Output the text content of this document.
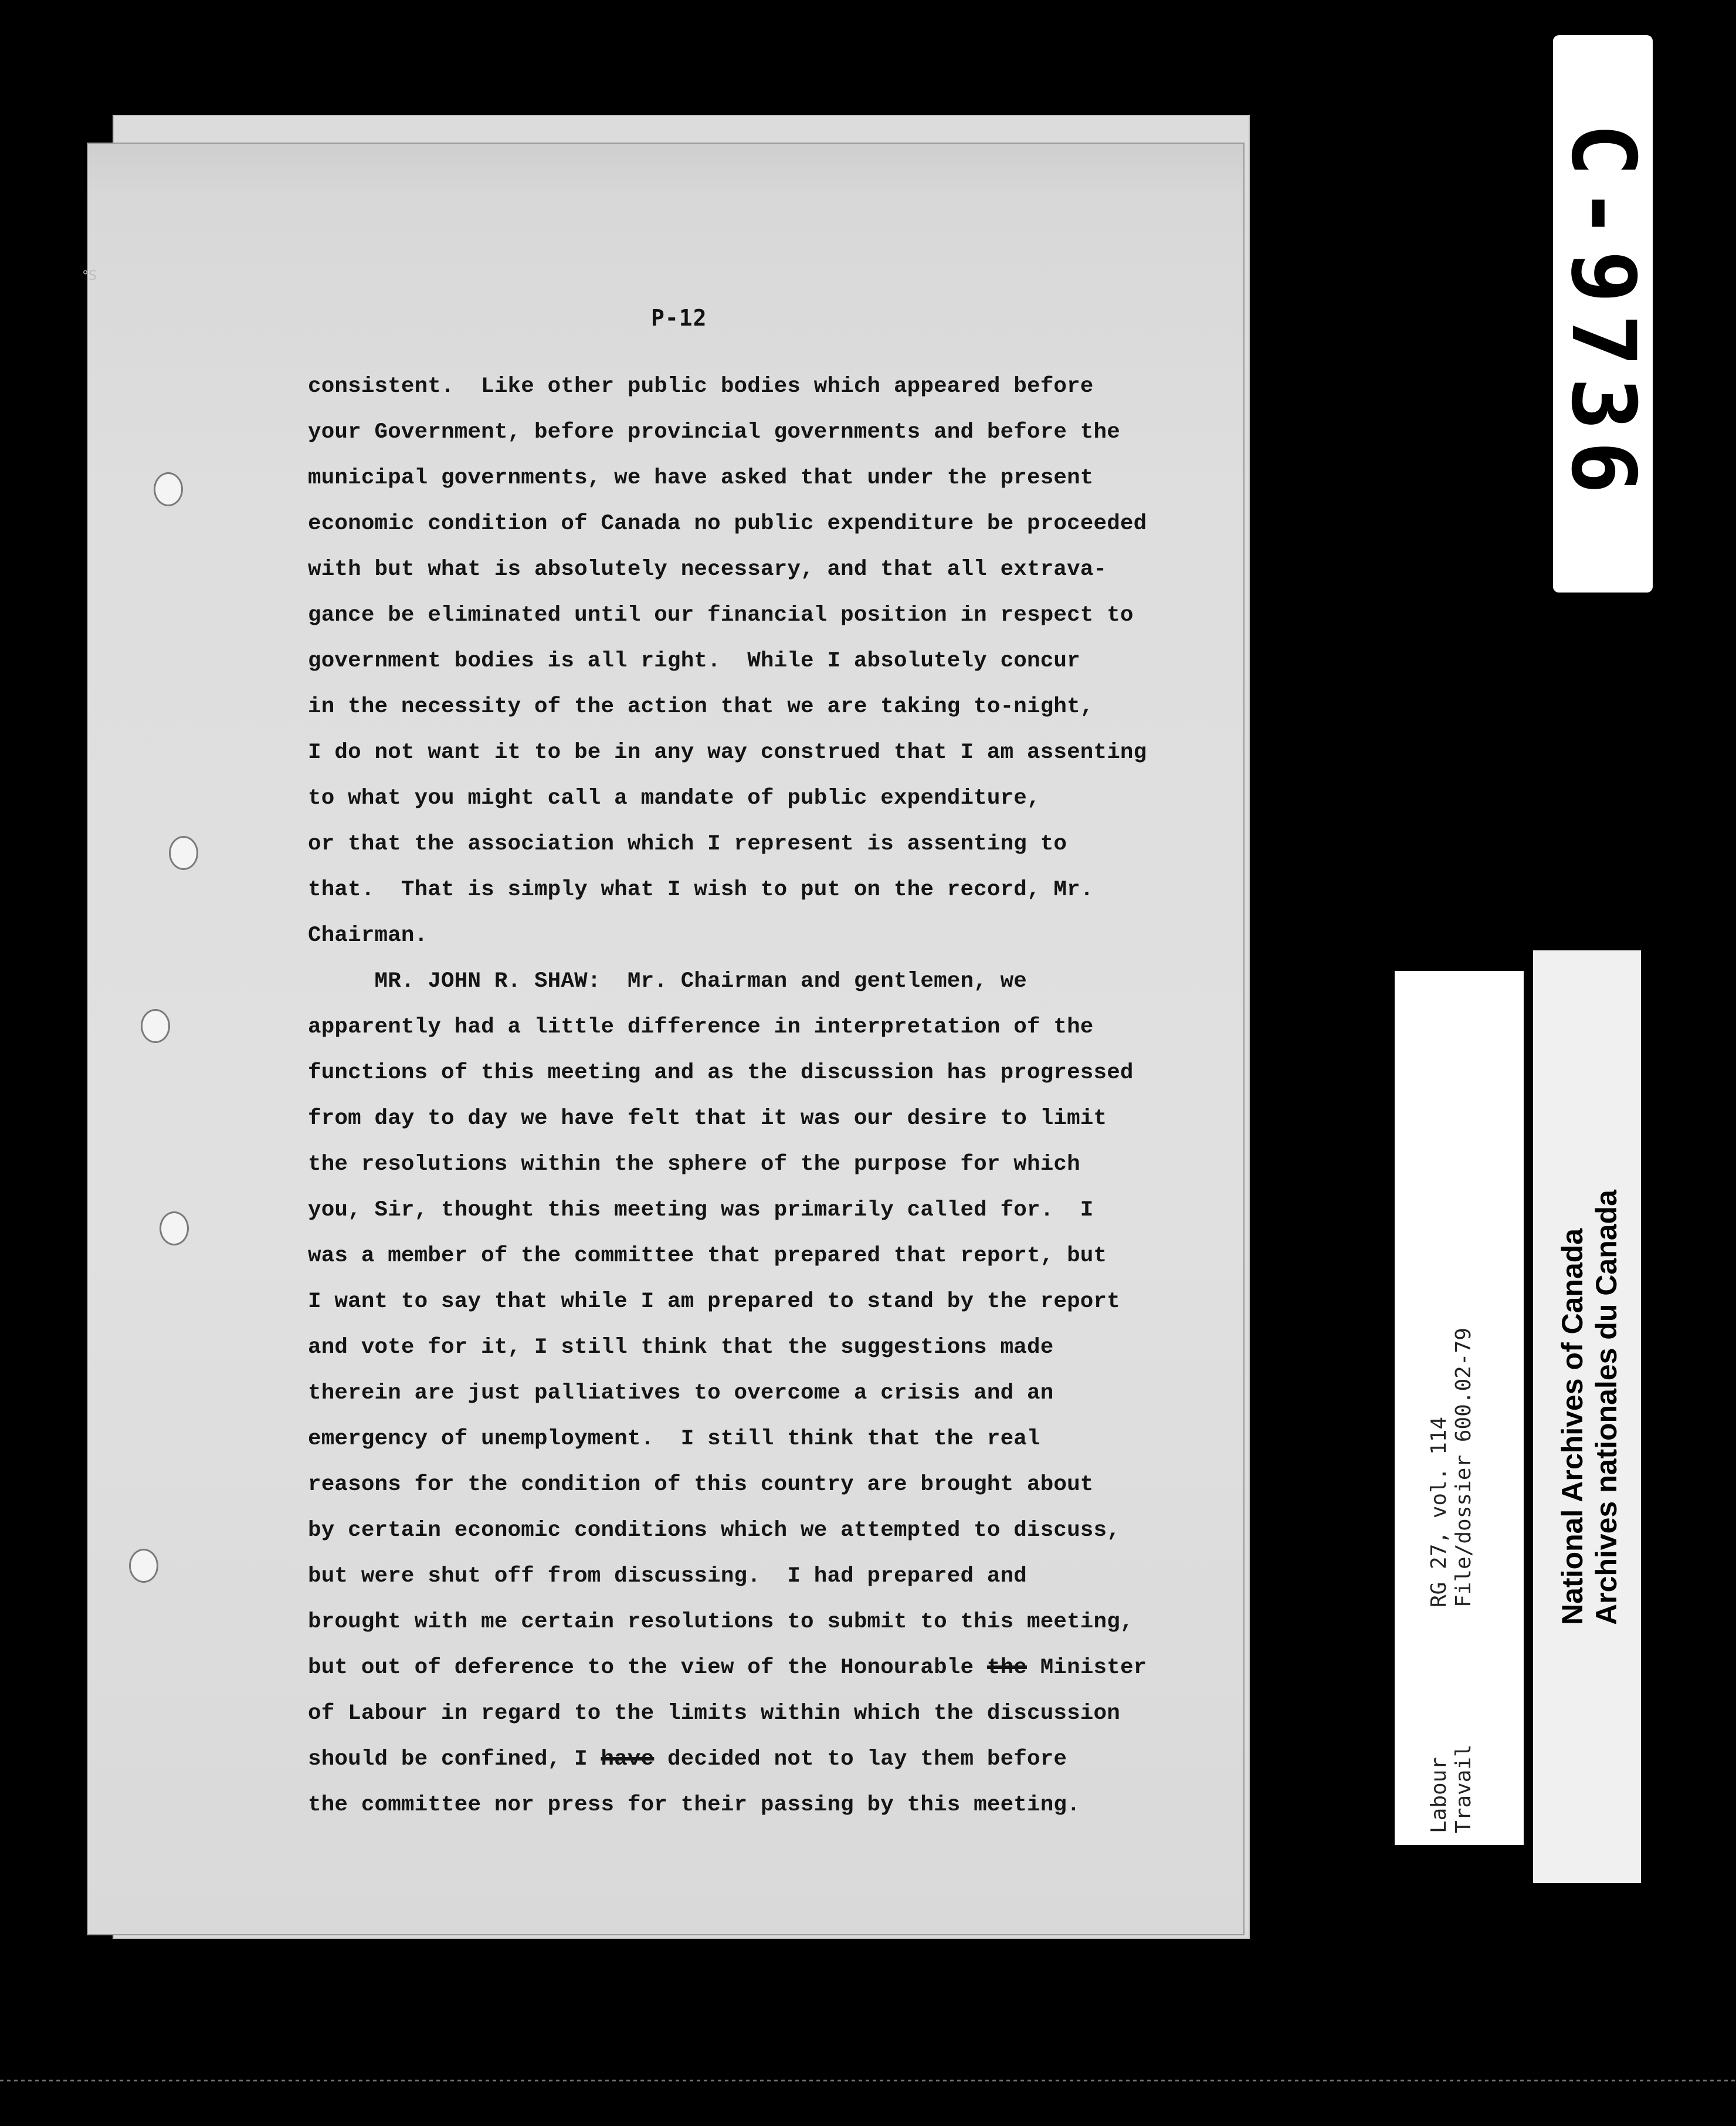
°S
P-12
consistent.  Like other public bodies which appeared before
your Government, before provincial governments and before the
municipal governments, we have asked that under the present
economic condition of Canada no public expenditure be proceeded
with but what is absolutely necessary, and that all extrava-
gance be eliminated until our financial position in respect to
government bodies is all right.  While I absolutely concur
in the necessity of the action that we are taking to-night,
I do not want it to be in any way construed that I am assenting
to what you might call a mandate of public expenditure,
or that the association which I represent is assenting to
that.  That is simply what I wish to put on the record, Mr.
Chairman.
MR. JOHN R. SHAW:  Mr. Chairman and gentlemen, we
apparently had a little difference in interpretation of the
functions of this meeting and as the discussion has progressed
from day to day we have felt that it was our desire to limit
the resolutions within the sphere of the purpose for which
you, Sir, thought this meeting was primarily called for.  I
was a member of the committee that prepared that report, but
I want to say that while I am prepared to stand by the report
and vote for it, I still think that the suggestions made
therein are just palliatives to overcome a crisis and an
emergency of unemployment.  I still think that the real
reasons for the condition of this country are brought about
by certain economic conditions which we attempted to discuss,
but were shut off from discussing.  I had prepared and
brought with me certain resolutions to submit to this meeting,
but out of deference to the view of the Honourable the Minister
of Labour in regard to the limits within which the discussion
should be confined, I have decided not to lay them before
the committee nor press for their passing by this meeting.
C-9736
RG 27, vol. 114 File/dossier 600.02-79
Labour Travail
National Archives of Canada Archives nationales du Canada
